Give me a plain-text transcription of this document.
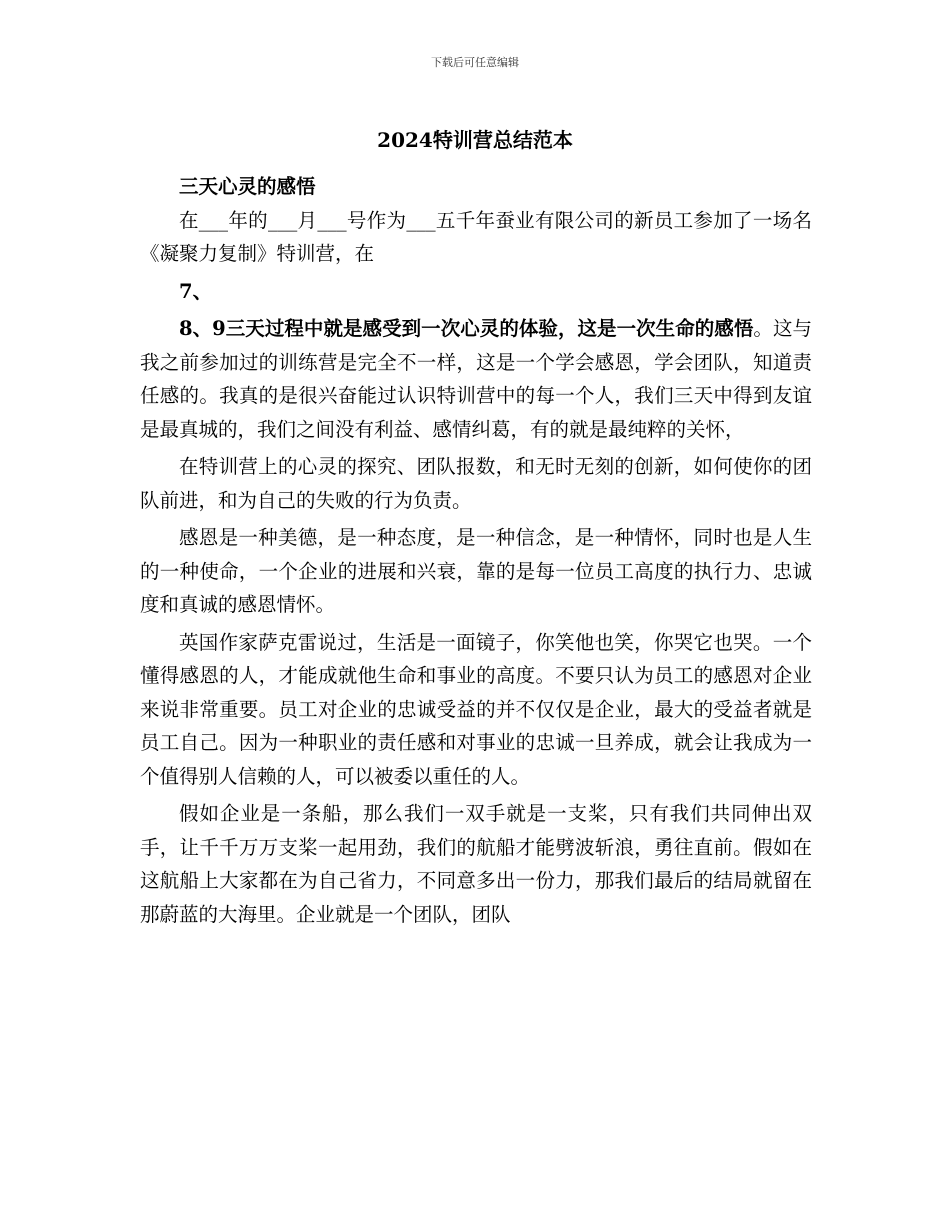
下载后可任意编辑
2024特训营总结范本

三天心灵的感悟

在___年的___月___号作为___五千年蚕业有限公司的新员工参加了一场名《凝聚力复制》特训营，在

7、

8、9三天过程中就是感受到一次心灵的体验，这是一次生命的感悟。这与我之前参加过的训练营是完全不一样，这是一个学会感恩，学会团队，知道责任感的。我真的是很兴奋能过认识特训营中的每一个人，我们三天中得到友谊是最真城的，我们之间没有利益、感情纠葛，有的就是最纯粹的关怀，

在特训营上的心灵的探究、团队报数，和无时无刻的创新，如何使你的团队前进，和为自己的失败的行为负责。

感恩是一种美德，是一种态度，是一种信念，是一种情怀，同时也是人生的一种使命，一个企业的进展和兴衰，靠的是每一位员工高度的执行力、忠诚度和真诚的感恩情怀。

英国作家萨克雷说过，生活是一面镜子，你笑他也笑，你哭它也哭。一个懂得感恩的人，才能成就他生命和事业的高度。不要只认为员工的感恩对企业来说非常重要。员工对企业的忠诚受益的并不仅仅是企业，最大的受益者就是员工自己。因为一种职业的责任感和对事业的忠诚一旦养成，就会让我成为一个值得别人信赖的人，可以被委以重任的人。

假如企业是一条船，那么我们一双手就是一支桨，只有我们共同伸出双手，让千千万万支桨一起用劲，我们的航船才能劈波斩浪，勇往直前。假如在这航船上大家都在为自己省力，不同意多出一份力，那我们最后的结局就留在那蔚蓝的大海里。企业就是一个团队，团队
